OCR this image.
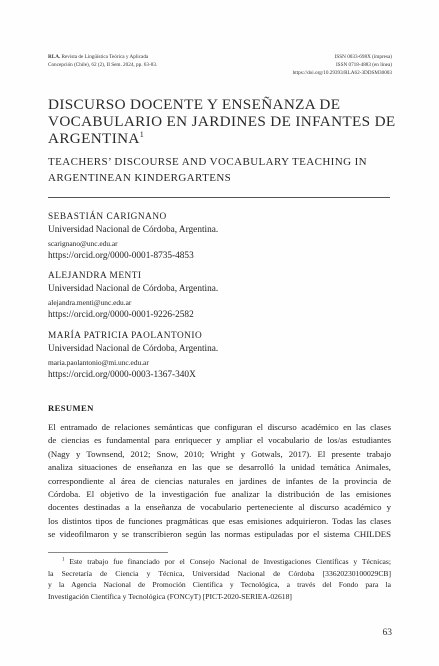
RLA. Revista de Lingüística Teórica y Aplicada
Concepción (Chile), 62 (2), II Sem. 2024, pp. 63-83.
ISSN 0033-698X (impresa)
ISSN 0718-4883 (en línea)
https://doi.org/10.29393/RLA62-3DDSM30003
DISCURSO DOCENTE Y ENSEÑANZA DE
VOCABULARIO EN JARDINES DE INFANTES DE
ARGENTINA$^1$
TEACHERS’ DISCOURSE AND VOCABULARY TEACHING IN
ARGENTINEAN KINDERGARTENS
SEBASTIÁN CARIGNANO
Universidad Nacional de Córdoba, Argentina.
scarignano@unc.edu.ar
https://orcid.org/0000-0001-8735-4853
ALEJANDRA MENTI
Universidad Nacional de Córdoba, Argentina.
alejandra.menti@unc.edu.ar
https://orcid.org/0000-0001-9226-2582
MARÍA PATRICIA PAOLANTONIO
Universidad Nacional de Córdoba, Argentina.
maria.paolantonio@mi.unc.edu.ar
https://orcid.org/0000-0003-1367-340X
RESUMEN

El entramado de relaciones semánticas que configuran el discurso académico en las clases
de ciencias es fundamental para enriquecer y ampliar el vocabulario de los/as estudiantes
(Nagy y Townsend, 2012; Snow, 2010; Wright y Gotwals, 2017). El presente trabajo
analiza situaciones de enseñanza en las que se desarrolló la unidad temática Animales,
correspondiente al área de ciencias naturales en jardines de infantes de la provincia de
Córdoba. El objetivo de la investigación fue analizar la distribución de las emisiones
docentes destinadas a la enseñanza de vocabulario perteneciente al discurso académico y
los distintos tipos de funciones pragmáticas que esas emisiones adquirieron. Todas las clases
se videofilmaron y se transcribieron según las normas estipuladas por el sistema CHILDES

$^1$ Este trabajo fue financiado por el Consejo Nacional de Investigaciones Científicas y Técnicas;
la Secretaría de Ciencia y Técnica, Universidad Nacional de Córdoba [33620230100029CB]
y la Agencia Nacional de Promoción Científica y Tecnológica, a través del Fondo para la
Investigación Científica y Tecnológica (FONCyT) [PICT-2020-SERIEA-02618]

63
